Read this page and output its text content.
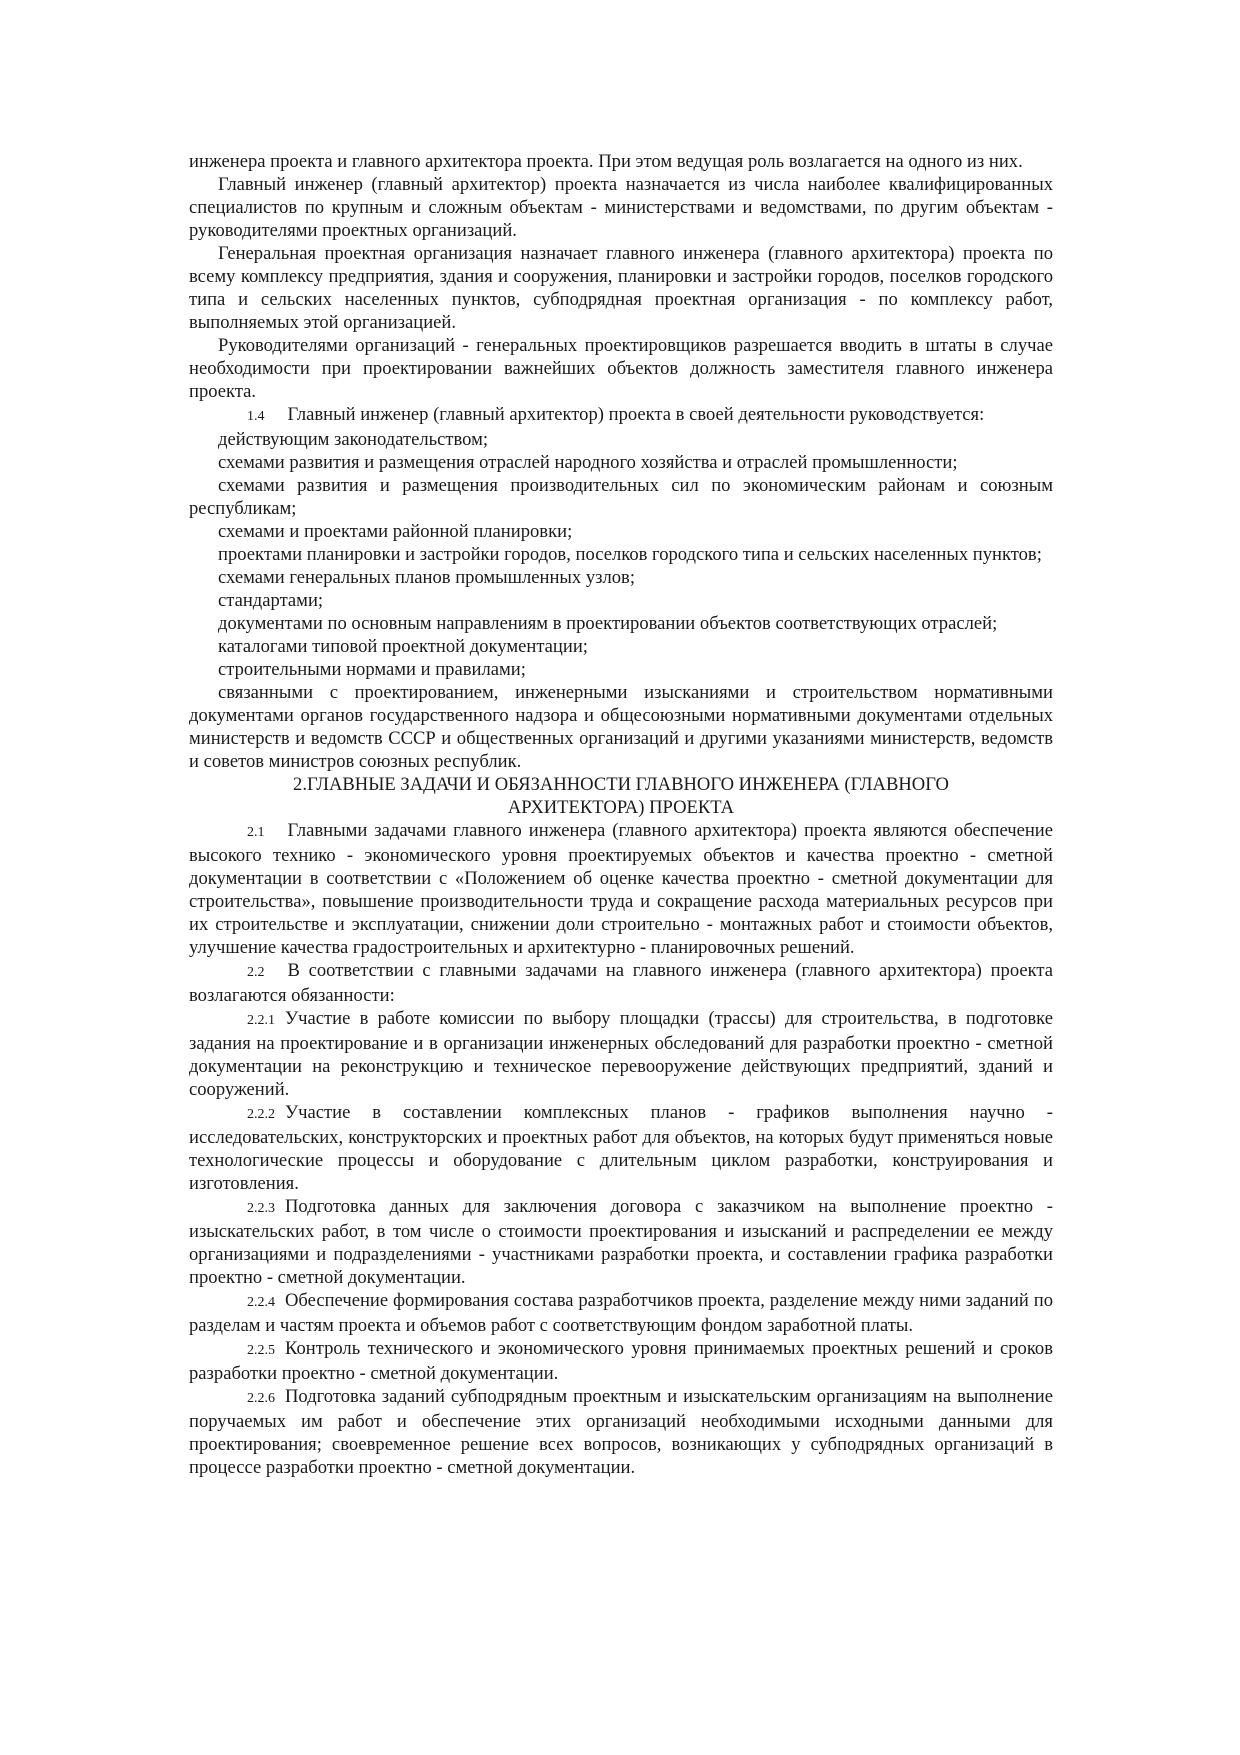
инженера проекта и главного архитектора проекта. При этом ведущая роль возлагается на одного из них.

Главный инженер (главный архитектор) проекта назначается из числа наиболее квалифицированных специалистов по крупным и сложным объектам - министерствами и ведомствами, по другим объектам - руководителями проектных организаций.

Генеральная проектная организация назначает главного инженера (главного архитектора) проекта по всему комплексу предприятия, здания и сооружения, планировки и застройки городов, поселков городского типа и сельских населенных пунктов, субподрядная проектная организация - по комплексу работ, выполняемых этой организацией.

Руководителями организаций - генеральных проектировщиков разрешается вводить в штаты в случае необходимости при проектировании важнейших объектов должность заместителя главного инженера проекта.

1.4 Главный инженер (главный архитектор) проекта в своей деятельности руководствуется:

действующим законодательством;

схемами развития и размещения отраслей народного хозяйства и отраслей промышленности;

схемами развития и размещения производительных сил по экономическим районам и союзным республикам;

схемами и проектами районной планировки;

проектами планировки и застройки городов, поселков городского типа и сельских населенных пунктов;

схемами генеральных планов промышленных узлов;

стандартами;

документами по основным направлениям в проектировании объектов соответствующих отраслей;

каталогами типовой проектной документации;

строительными нормами и правилами;

связанными с проектированием, инженерными изысканиями и строительством нормативными документами органов государственного надзора и общесоюзными нормативными документами отдельных министерств и ведомств СССР и общественных организаций и другими указаниями министерств, ведомств и советов министров союзных республик.

2.ГЛАВНЫЕ ЗАДАЧИ И ОБЯЗАННОСТИ ГЛАВНОГО ИНЖЕНЕРА (ГЛАВНОГО АРХИТЕКТОРА) ПРОЕКТА

2.1 Главными задачами главного инженера (главного архитектора) проекта являются обеспечение высокого технико - экономического уровня проектируемых объектов и качества проектно - сметной документации в соответствии с «Положением об оценке качества проектно - сметной документации для строительства», повышение производительности труда и сокращение расхода материальных ресурсов при их строительстве и эксплуатации, снижении доли строительно - монтажных работ и стоимости объектов, улучшение качества градостроительных и архитектурно - планировочных решений.

2.2 В соответствии с главными задачами на главного инженера (главного архитектора) проекта возлагаются обязанности:

2.2.1 Участие в работе комиссии по выбору площадки (трассы) для строительства, в подготовке задания на проектирование и в организации инженерных обследований для разработки проектно - сметной документации на реконструкцию и техническое перевооружение действующих предприятий, зданий и сооружений.

2.2.2 Участие в составлении комплексных планов - графиков выполнения научно - исследовательских, конструкторских и проектных работ для объектов, на которых будут применяться новые технологические процессы и оборудование с длительным циклом разработки, конструирования и изготовления.

2.2.3 Подготовка данных для заключения договора с заказчиком на выполнение проектно - изыскательских работ, в том числе о стоимости проектирования и изысканий и распределении ее между организациями и подразделениями - участниками разработки проекта, и составлении графика разработки проектно - сметной документации.

2.2.4 Обеспечение формирования состава разработчиков проекта, разделение между ними заданий по разделам и частям проекта и объемов работ с соответствующим фондом заработной платы.

2.2.5 Контроль технического и экономического уровня принимаемых проектных решений и сроков разработки проектно - сметной документации.

2.2.6 Подготовка заданий субподрядным проектным и изыскательским организациям на выполнение поручаемых им работ и обеспечение этих организаций необходимыми исходными данными для проектирования; своевременное решение всех вопросов, возникающих у субподрядных организаций в процессе разработки проектно - сметной документации.
